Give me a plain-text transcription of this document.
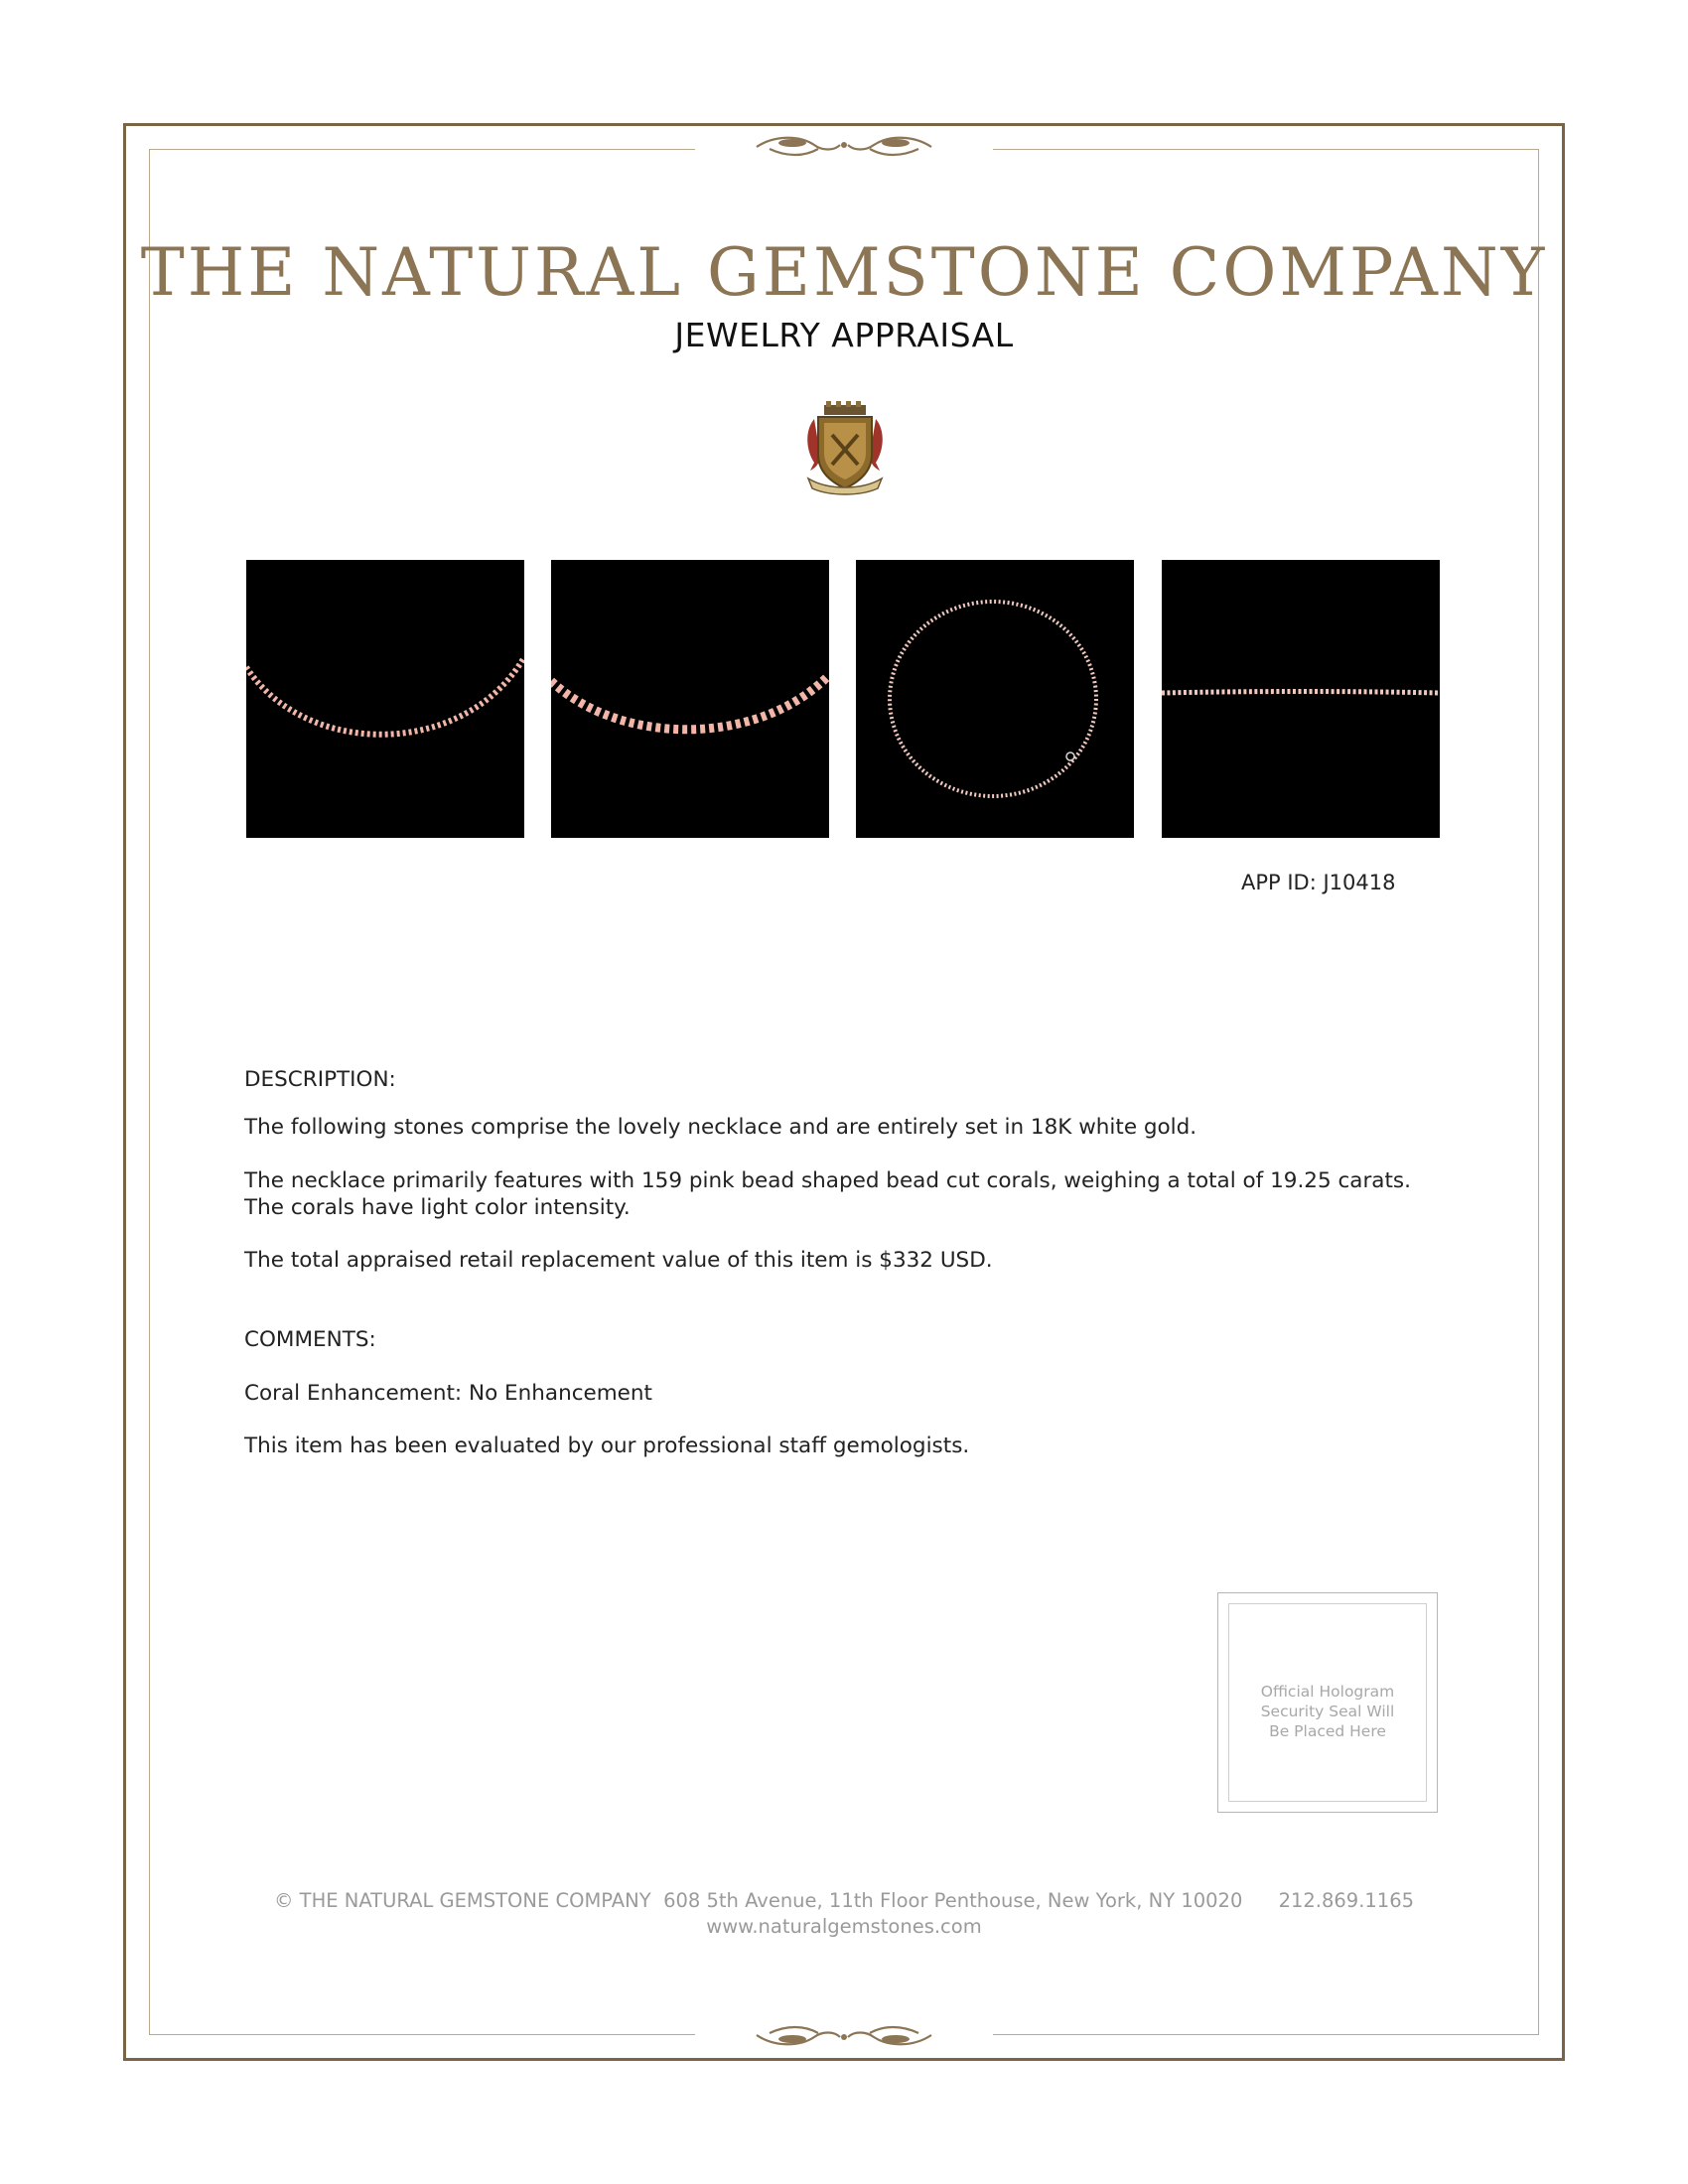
THE NATURAL GEMSTONE COMPANY
JEWELRY APPRAISAL
APP ID: J10418
DESCRIPTION:
The following stones comprise the lovely necklace and are entirely set in 18K white gold.
The necklace primarily features with 159 pink bead shaped bead cut corals, weighing a total of 19.25 carats. The corals have light color intensity.
The total appraised retail replacement value of this item is $332 USD.
COMMENTS:
Coral Enhancement: No Enhancement
This item has been evaluated by our professional staff gemologists.
Official Hologram
Security Seal Will
Be Placed Here
© THE NATURAL GEMSTONE COMPANY 608 5th Avenue, 11th Floor Penthouse, New York, NY 10020 212.869.1165
www.naturalgemstones.com
